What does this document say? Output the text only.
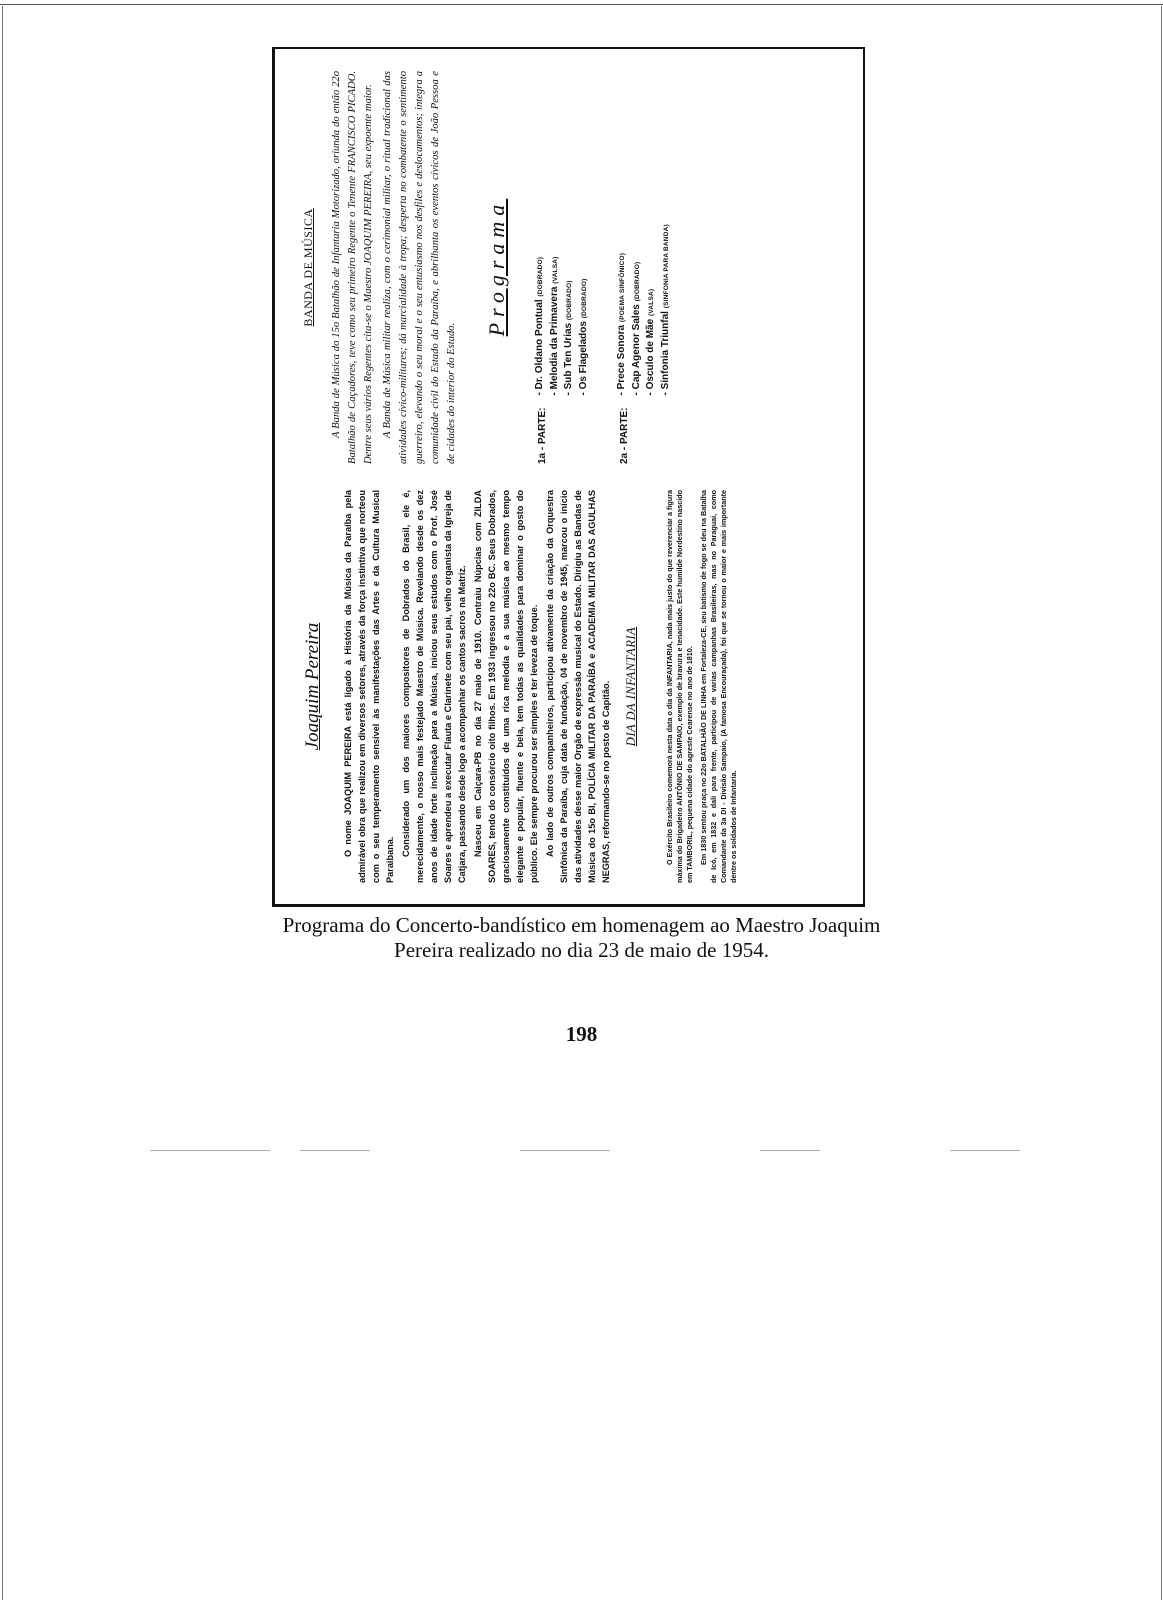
Joaquim Pereira	O nome JOAQUIM PEREIRA está ligado à História da Música da Paraíba pela admirável obra que realizou em diversos setores, através da força instintiva que norteou com o seu temperamento sensível às manifestações das Artes e da Cultura Musical Paraibana.

Considerado um dos maiores compositores de Dobrados do Brasil, ele é, merecidamente, o nosso mais festejado Maestro de Música. Revelando desde os dez anos de idade forte inclinação para a Música, iniciou seus estudos com o Prof. José Soares e aprendeu a executar Flauta e Clarinete com seu pai, velho organista da Igreja de Catjara, passando desde logo a acompanhar os cantos sacros na Matriz. Nasceu em Caiçara-PB no dia 27 maio de 1910. Contraiu Núpcias com ZILDA SOARES, tendo do consórcio oito filhos. Em 1933 ingressou no 22o BC. Seus Dobrados, graciosamente constituídos de uma rica melodia e a sua música ao mesmo tempo elegante e popular, fluente e bela, tem todas as qualidades para dominar o gosto do público. Ele sempre procurou ser simples e ter leveza de toque. Ao lado de outros companheiros, participou ativamente da criação da Orquestra Sinfônica da Paraíba, cuja data de fundação, 04 de novembro de 1945, marcou o início das atividades desse maior Orgão de expressão musical do Estado. Dirigiu as Bandas de Música do 15o BI, POLÍCIA MILITAR DA PARAÍBA e ACADEMIA MILITAR DAS AGULHAS NEGRAS, reformando-se no posto de Capitão. DIA DA INFANTARIA	O Exército Brasileiro comemorá nesta data o dia da INFANTARIA, nada mais justo do que reverenciar a figura máxima do Brigadeiro ANTÔNIO DE SAMPAIO, exemplo de bravura e tenacidade. Este humilde Nordestino nascido em TAMBORIL, pequena cidade do agreste Cearense no ano de 1810. Em 1830 sentou praça no 22o BATALHÃO DE LINHA em Fortaleza-CE, seu batismo de fogo se deu na Batalha de Icó, em 1832 e dali para frente, participou de varias campanhas Brasileiras, mas no Paraguai, como Comandante da 3a DI - Divisão Sampaio, (A famosa Encouraçada), foi que se tornou o maior e mais importante dentre os soldados de Infantaria.

BANDA DE MÚSICA A Banda de Música do 15o Batalhão de Infantaria Motorizado, oriunda do então 22o Batalhão de Caçadores, teve como seu primeiro Regente o Tenente FRANCISCO PICADO. Dentre seus vários Regentes cita-se o Maestro JOAQUIM PEREIRA, seu expoente maior. A Banda de Música militar realiza, com o cerimonial militar, o ritual tradicional das atividades cívico-militares; dá marcialidade à tropa; desperta no combatente o sentimento guerreiro, elevando o seu moral e o seu entusiasmo nos desfiles e deslocamentos; integra a comunidade civil do Estado da Paraíba, e abrilhanta os eventos cívicos de João Pessoa e de cidades do interior do Estado.

Programa
1a - PARTE:
- Dr. Oldano Pontual (DOBRADO)
- Melodia da Primavera (VALSA)
- Sub Ten Urias (DOBRADO)
- Os Flagelados (DOBRADO)
2a - PARTE:
- Prece Sonora (POEMA SINFÔNICO)
- Cap Agenor Sales (DOBRADO)
- Osculo de Mãe (VALSA)
- Sinfonia Triunfal (SINFONIA PARA BANDA)
Programa do Concerto-bandístico em homenagem ao Maestro Joaquim
Pereira realizado no dia 23 de maio de 1954.
198
